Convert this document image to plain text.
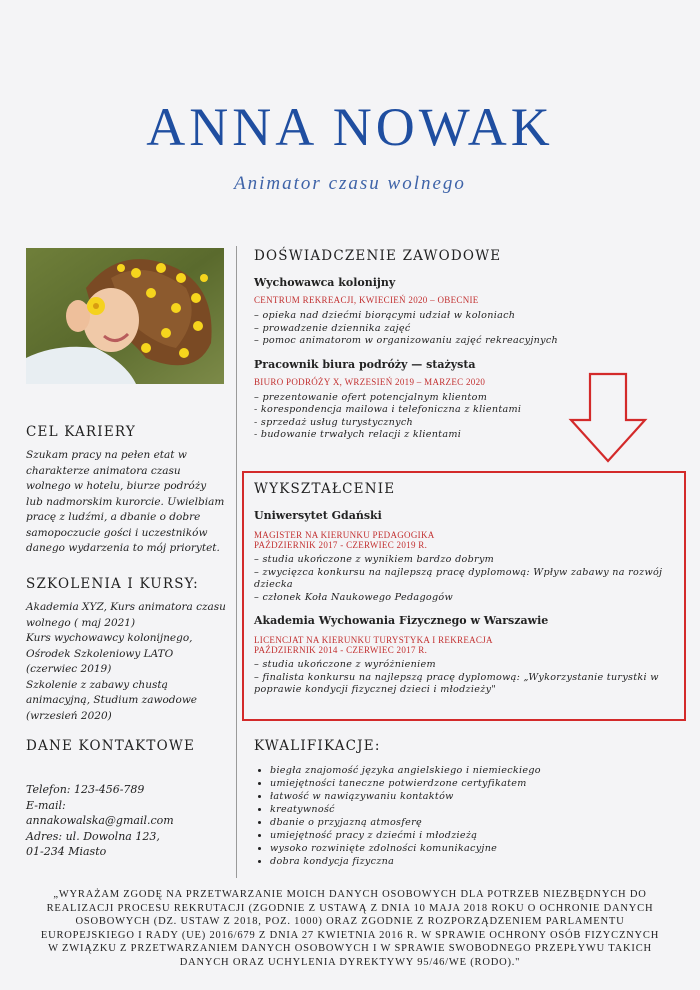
ANNA NOWAK

Animator czasu wolnego

CEL KARIERY
Szukam pracy na pełen etat w charakterze animatora czasu wolnego w hotelu, biurze podróży lub nadmorskim kurorcie. Uwielbiam pracę z ludźmi, a dbanie o dobre samopoczucie gości i uczestników danego wydarzenia to mój priorytet.
SZKOLENIA I KURSY:
Akademia XYZ, Kurs animatora czasu wolnego ( maj 2021)
Kurs wychowawcy kolonijnego, Ośrodek Szkoleniowy LATO (czerwiec 2019)
Szkolenie z zabawy chustą animacyjną, Studium zawodowe (wrzesień 2020)
DANE KONTAKTOWE
Telefon: 123-456-789
E-mail:
annakowalska@gmail.com
Adres: ul. Dowolna 123,
01-234 Miasto
DOŚWIADCZENIE ZAWODOWE

Wychowawca kolonijny

CENTRUM REKREACJI, KWIECIEŃ 2020 – OBECNIE
– opieka nad dziećmi biorącymi udział w koloniach
– prowadzenie dziennika zajęć
– pomoc animatorom w organizowaniu zajęć rekreacyjnych

Pracownik biura podróży — stażysta

BIURO PODRÓŻY X, WRZESIEŃ 2019 – MARZEC 2020
– prezentowanie ofert potencjalnym klientom
- korespondencja mailowa i telefoniczna z klientami
- sprzedaż usług turystycznych
- budowanie trwałych relacji z klientami
WYKSZTAŁCENIE

Uniwersytet Gdański

MAGISTER NA KIERUNKU PEDAGOGIKA
PAŹDZIERNIK 2017 - CZERWIEC 2019 R.
– studia ukończone z wynikiem bardzo dobrym
– zwycięzca konkursu na najlepszą pracę dyplomową: Wpływ zabawy na rozwój dziecka
– członek Koła Naukowego Pedagogów

Akademia Wychowania Fizycznego w Warszawie

LICENCJAT NA KIERUNKU TURYSTYKA I REKREACJA
PAŹDZIERNIK 2014 - CZERWIEC 2017 R.
– studia ukończone z wyróżnieniem
– finalista konkursu na najlepszą pracę dyplomową: „Wykorzystanie turystki w poprawie kondycji fizycznej dzieci i młodzieży"
KWALIFIKACJE:
• biegła znajomość języka angielskiego i niemieckiego
• umiejętności taneczne potwierdzone certyfikatem
• łatwość w nawiązywaniu kontaktów
• kreatywność
• dbanie o przyjazną atmosferę
• umiejętność pracy z dziećmi i młodzieżą
• wysoko rozwinięte zdolności komunikacyjne
• dobra kondycja fizyczna
„WYRAŻAM ZGODĘ NA PRZETWARZANIE MOICH DANYCH OSOBOWYCH DLA POTRZEB NIEZBĘDNYCH DO REALIZACJI PROCESU REKRUTACJI (ZGODNIE Z USTAWĄ Z DNIA 10 MAJA 2018 ROKU O OCHRONIE DANYCH OSOBOWYCH (DZ. USTAW Z 2018, POZ. 1000) ORAZ ZGODNIE Z ROZPORZĄDZENIEM PARLAMENTU EUROPEJSKIEGO I RADY (UE) 2016/679 Z DNIA 27 KWIETNIA 2016 R. W SPRAWIE OCHRONY OSÓB FIZYCZNYCH W ZWIĄZKU Z PRZETWARZANIEM DANYCH OSOBOWYCH I W SPRAWIE SWOBODNEGO PRZEPŁYWU TAKICH DANYCH ORAZ UCHYLENIA DYREKTYWY 95/46/WE (RODO)."
